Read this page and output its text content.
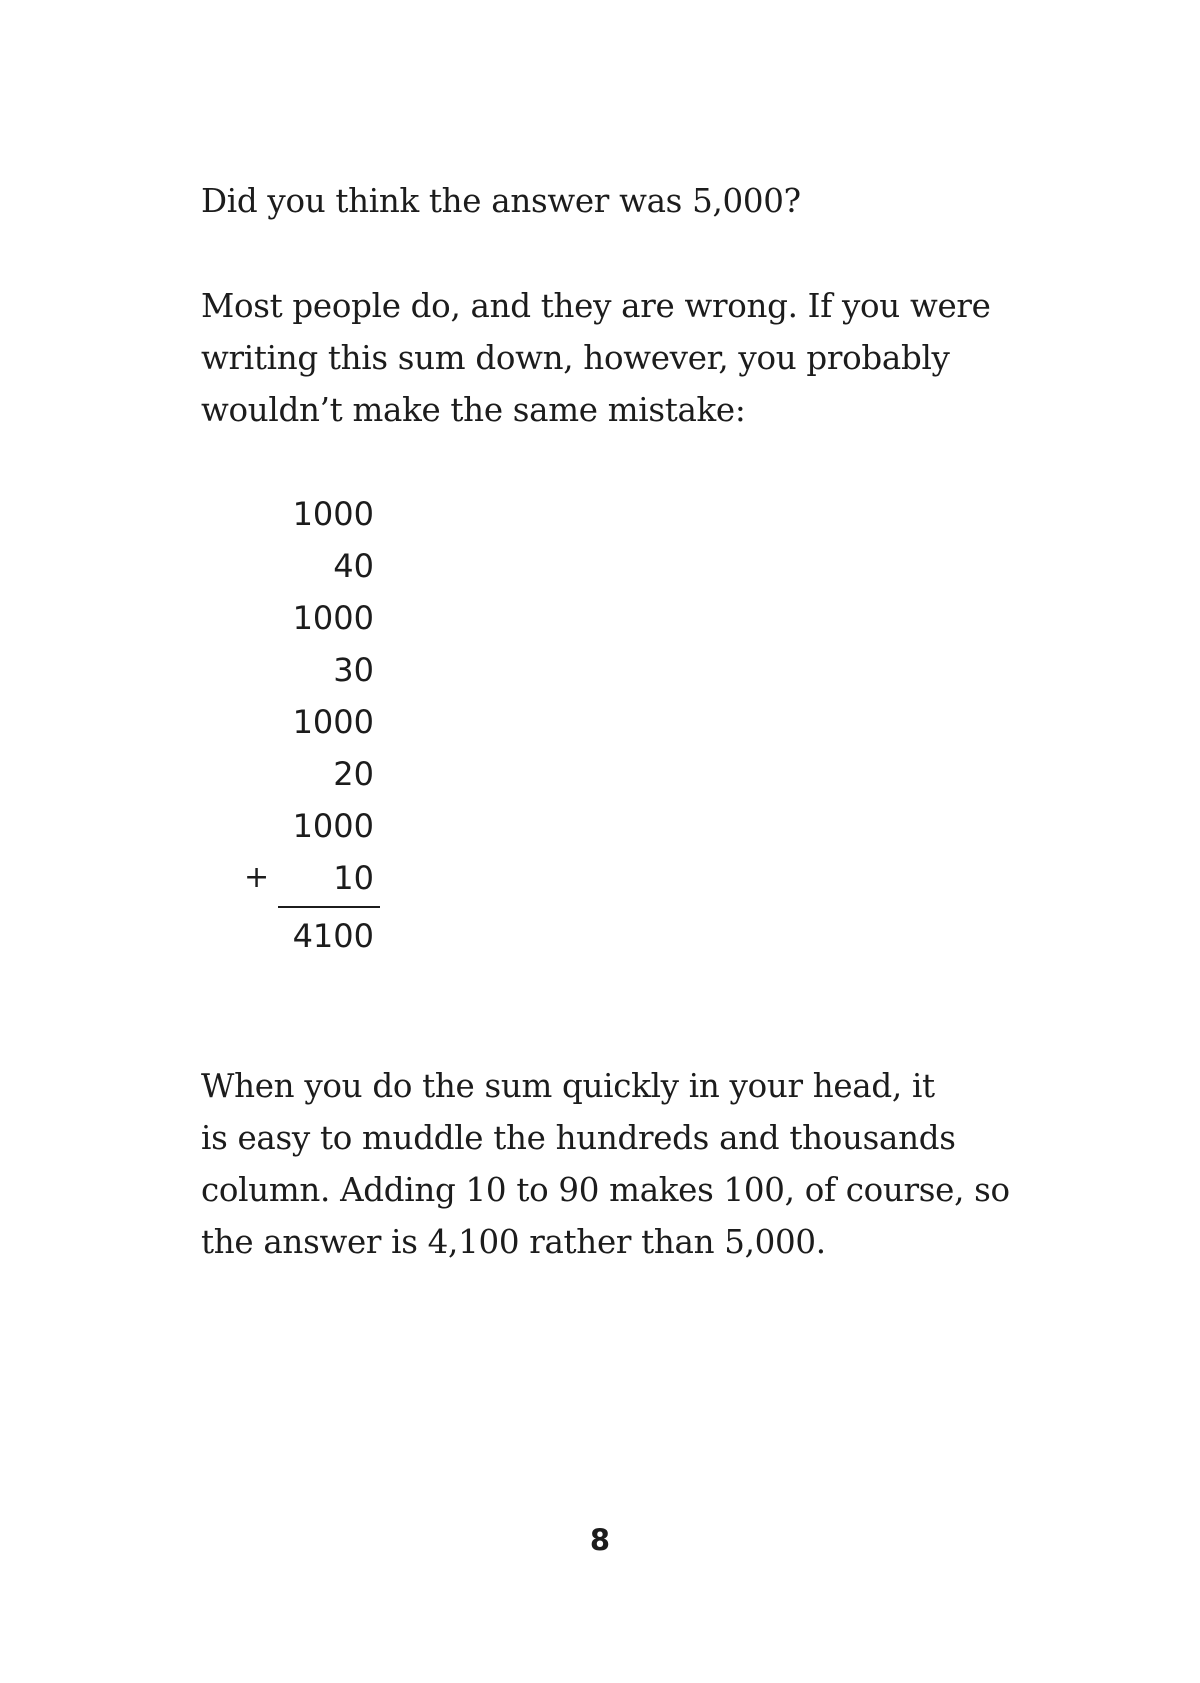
Did you think the answer was 5,000?

Most people do, and they are wrong. If you were
writing this sum down, however, you probably
wouldn’t make the same mistake:

1000
40
1000
30
1000
20
1000
+	10
4100

When you do the sum quickly in your head, it
is easy to muddle the hundreds and thousands
column. Adding 10 to 90 makes 100, of course, so
the answer is 4,100 rather than 5,000.

8
